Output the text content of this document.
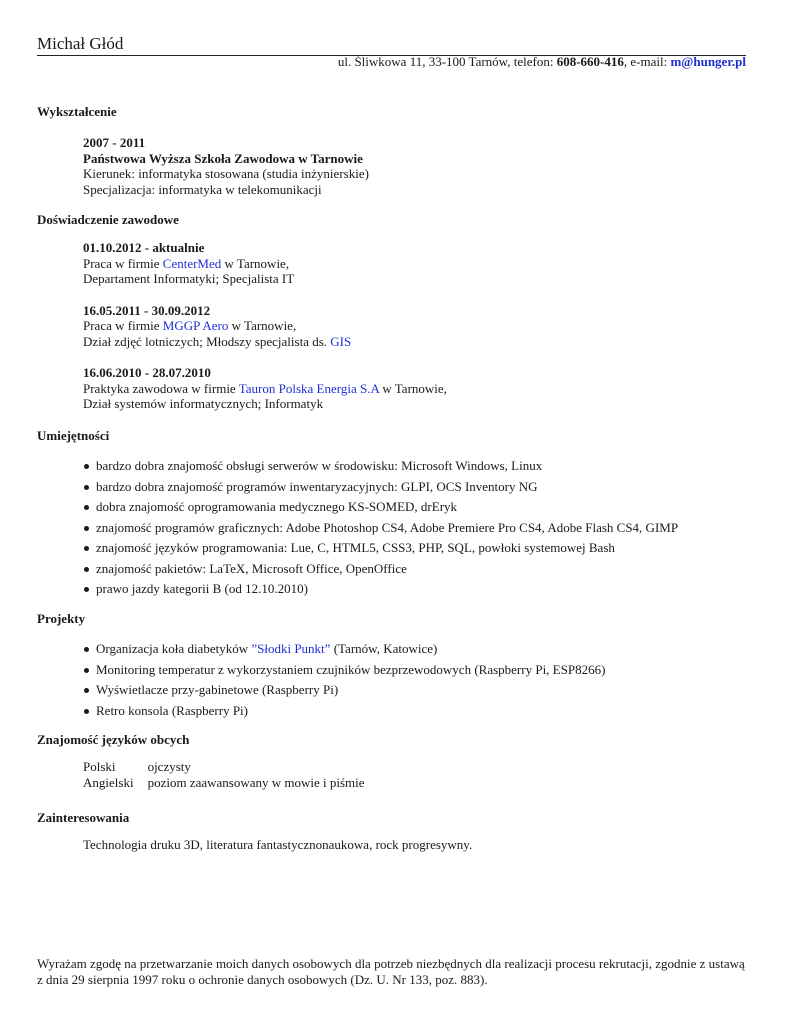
Michał Głód
ul. Śliwkowa 11, 33-100 Tarnów, telefon: 608-660-416, e-mail: m@hunger.pl
Wykształcenie
2007 - 2011
Państwowa Wyższa Szkoła Zawodowa w Tarnowie
Kierunek: informatyka stosowana (studia inżynierskie)
Specjalizacja: informatyka w telekomunikacji
Doświadczenie zawodowe
01.10.2012 - aktualnie
Praca w firmie CenterMed w Tarnowie,
Departament Informatyki; Specjalista IT
16.05.2011 - 30.09.2012
Praca w firmie MGGP Aero w Tarnowie,
Dział zdjęć lotniczych; Młodszy specjalista ds. GIS
16.06.2010 - 28.07.2010
Praktyka zawodowa w firmie Tauron Polska Energia S.A w Tarnowie,
Dział systemów informatycznych; Informatyk
Umiejętności
bardzo dobra znajomość obsługi serwerów w środowisku: Microsoft Windows, Linux
bardzo dobra znajomość programów inwentaryzacyjnych: GLPI, OCS Inventory NG
dobra znajomość oprogramowania medycznego KS-SOMED, drEryk
znajomość programów graficznych: Adobe Photoshop CS4, Adobe Premiere Pro CS4, Adobe Flash CS4, GIMP
znajomość języków programowania: Lue, C, HTML5, CSS3, PHP, SQL, powłoki systemowej Bash
znajomość pakietów: LaTeX, Microsoft Office, OpenOffice
prawo jazdy kategorii B (od 12.10.2010)
Projekty
Organizacja koła diabetyków ”Słodki Punkt” (Tarnów, Katowice)
Monitoring temperatur z wykorzystaniem czujników bezprzewodowych (Raspberry Pi, ESP8266)
Wyświetlacze przy-gabinetowe (Raspberry Pi)
Retro konsola (Raspberry Pi)
Znajomość języków obcych
Polski	ojczysty
Angielski	poziom zaawansowany w mowie i piśmie
Zainteresowania
Technologia druku 3D, literatura fantastycznonaukowa, rock progresywny.
Wyrażam zgodę na przetwarzanie moich danych osobowych dla potrzeb niezbędnych dla realizacji procesu rekrutacji, zgodnie z ustawą z dnia 29 sierpnia 1997 roku o ochronie danych osobowych (Dz. U. Nr 133, poz. 883).
